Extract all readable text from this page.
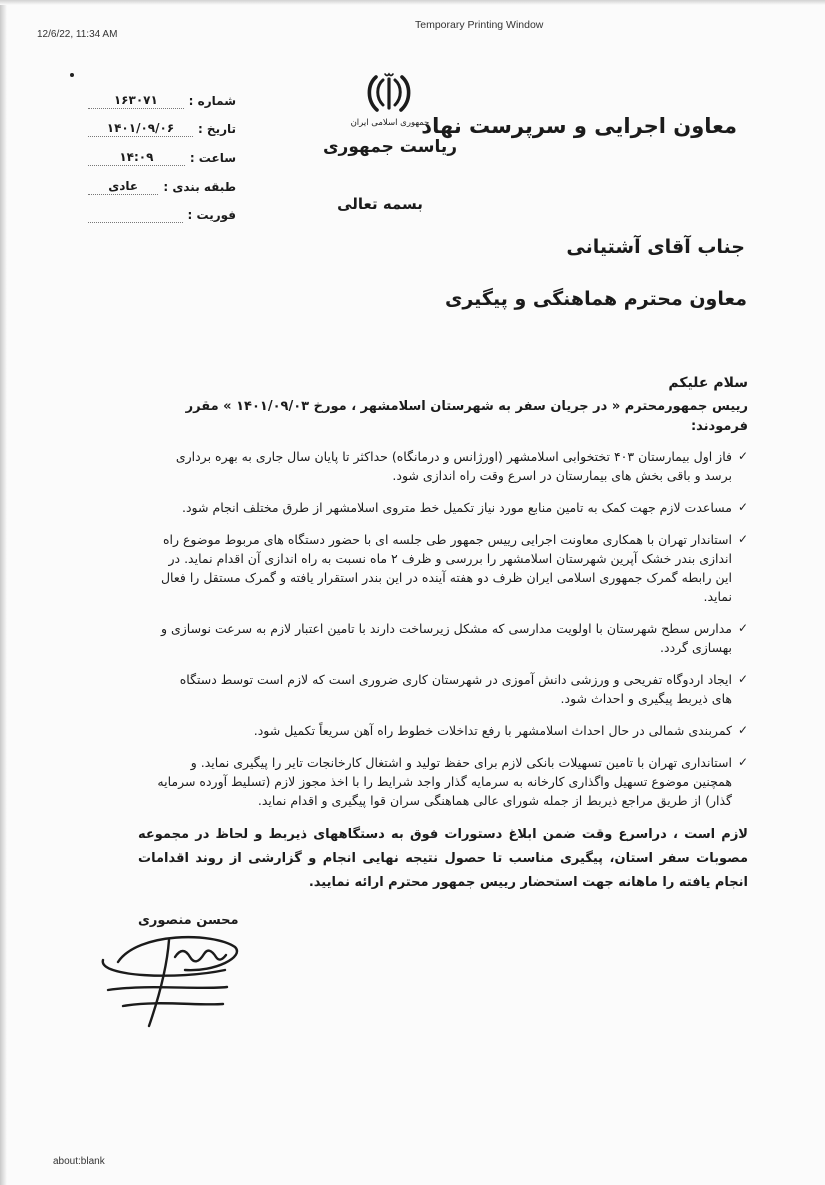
12/6/22, 11:34 AM
Temporary Printing Window
about:blank
شماره :
۱۶۳۰۷۱
تاریخ :
۱۴۰۱/۰۹/۰۶
ساعت :
۱۴:۰۹
طبقه بندی :
عادی
فوریت :
جمهوری اسلامی ایران
ریاست جمهوری
بسمه تعالی
معاون اجرایی و سرپرست نهاد
جناب آقای آشتیانی
معاون محترم هماهنگی و پیگیری

سلام علیکم

رییس جمهورمحترم « در جریان سفر به شهرستان اسلامشهر ، مورخ ۱۴۰۱/۰۹/۰۳ » مقرر فرمودند:

✓
فاز اول بیمارستان ۴۰۳ تختخوابی اسلامشهر (اورژانس و درمانگاه) حداکثر تا پایان سال جاری به بهره برداری برسد و باقی بخش های بیمارستان در اسرع وقت راه اندازی شود.
✓
مساعدت لازم جهت کمک به تامین منابع مورد نیاز تکمیل خط متروی اسلامشهر از طرق مختلف انجام شود.
✓
استاندار تهران با همکاری معاونت اجرایی رییس جمهور طی جلسه ای با حضور دستگاه های مربوط موضوع راه اندازی بندر خشک آپرین شهرستان اسلامشهر را بررسی و ظرف ۲ ماه نسبت به راه اندازی آن اقدام نماید. در این رابطه گمرک جمهوری اسلامی ایران ظرف دو هفته آینده در این بندر استقرار یافته و گمرک مستقل را فعال نماید.
✓
مدارس سطح شهرستان با اولویت مدارسی که مشکل زیرساخت دارند با تامین اعتبار لازم به سرعت نوسازی و بهسازی گردد.
✓
ایجاد اردوگاه تفریحی و ورزشی دانش آموزی در شهرستان کاری ضروری است که لازم است توسط دستگاه های ذیربط پیگیری و احداث شود.
✓
کمربندی شمالی در حال احداث اسلامشهر با رفع تداخلات خطوط راه آهن سریعاً تکمیل شود.
✓
استانداری تهران با تامین تسهیلات بانکی لازم برای حفظ تولید و اشتغال کارخانجات تایر را پیگیری نماید. و همچنین موضوع تسهیل واگذاری کارخانه به سرمایه گذار واجد شرایط را با اخذ مجوز لازم (تسلیط آورده سرمایه گذار) از طریق مراجع ذیربط از جمله شورای عالی هماهنگی سران قوا پیگیری و اقدام نماید.

لازم است ، دراسرع وقت ضمن ابلاغ دستورات فوق به دستگاههای ذیربط و لحاظ در مجموعه مصوبات سفر استان، پیگیری مناسب تا حصول نتیجه نهایی انجام و گزارشی از روند اقدامات انجام یافته را ماهانه جهت استحضار رییس جمهور محترم ارائه نمایید.

محسن منصوری
